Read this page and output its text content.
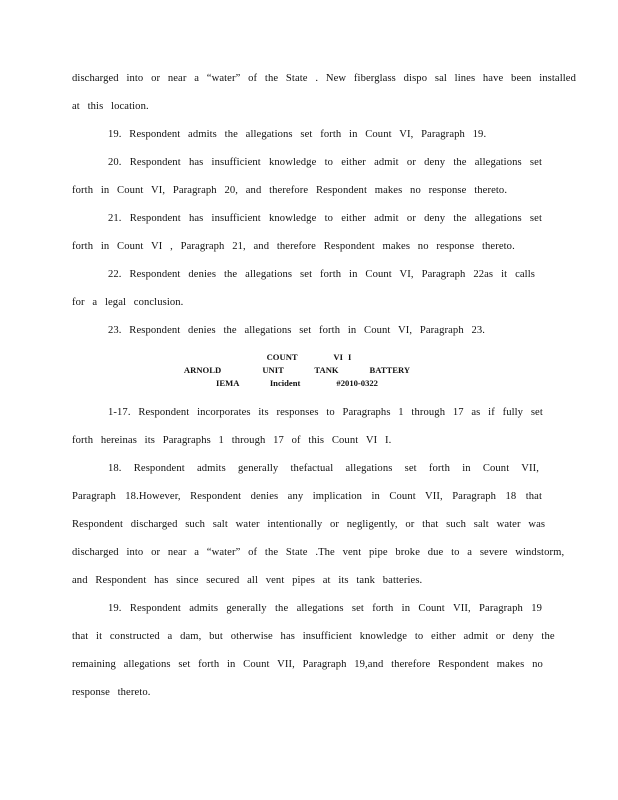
discharged into or near a “water” of the State . New fiberglass dispo sal lines have been installed
at this location.
19. Respondent admits the allegations set forth in Count VI, Paragraph 19.
20. Respondent has insufficient knowledge to either admit or deny the allegations set
forth in Count VI, Paragraph 20, and therefore Respondent makes no response thereto.
21. Respondent has insufficient knowledge to either admit or deny the allegations set
forth in Count VI , Paragraph 21, and therefore Respondent makes no response thereto.
22. Respondent denies the allegations set forth in Count VI, Paragraph 22as it calls
for a legal conclusion.
23. Respondent denies the allegations set forth in Count VI, Paragraph 23.
COUNT       VI I
ARNOLD        UNIT      TANK      BATTERY
IEMA      Incident       #2010-0322
1-17. Respondent incorporates its responses to Paragraphs 1 through 17 as if fully set
forth hereinas its Paragraphs 1 through 17 of this Count VI I.
18. Respondent admits generally thefactual allegations set forth in Count VII,
Paragraph 18.However, Respondent denies any implication in Count VII, Paragraph 18 that
Respondent discharged such salt water intentionally or negligently, or that such salt water was
discharged into or near a “water” of the State .The vent pipe broke due to a severe windstorm,
and Respondent has since secured all vent pipes at its tank batteries.
19. Respondent admits generally the allegations set forth in Count VII, Paragraph 19
that it constructed a dam, but otherwise has insufficient knowledge to either admit or deny the
remaining allegations set forth in Count VII, Paragraph 19,and therefore Respondent makes no
response thereto.
